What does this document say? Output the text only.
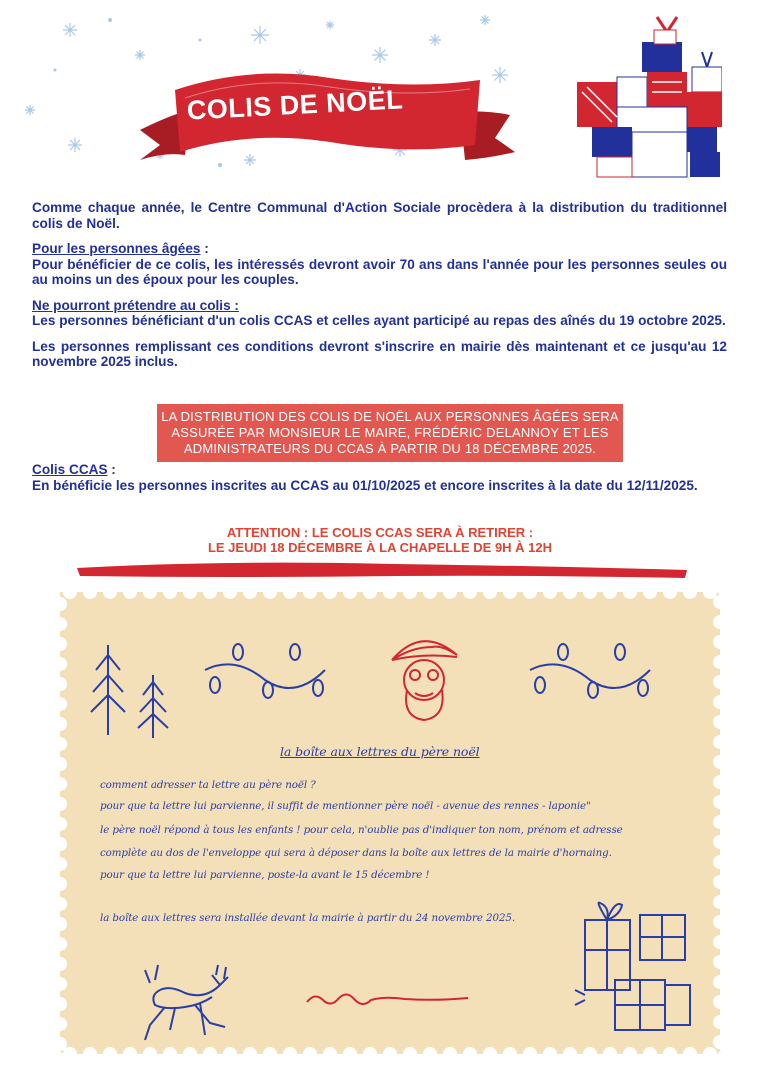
COLIS DE NOËL

Comme chaque année, le Centre Communal d'Action Sociale procèdera à la distribution du traditionnel colis de Noël.

Pour les personnes âgées :
Pour bénéficier de ce colis, les intéressés devront avoir 70 ans dans l'année pour les personnes seules ou au moins un des époux pour les couples.

Ne pourront prétendre au colis :
Les personnes bénéficiant d'un colis CCAS et celles ayant participé au repas des aînés du 19 octobre 2025.

Les personnes remplissant ces conditions devront s'inscrire en mairie dès maintenant et ce jusqu'au 12 novembre 2025 inclus.

LA DISTRIBUTION DES COLIS DE NOËL AUX PERSONNES ÂGÉES SERA
ASSURÉE PAR MONSIEUR LE MAIRE, FRÉDÉRIC DELANNOY ET LES
ADMINISTRATEURS DU CCAS À PARTIR DU 18 DÉCEMBRE 2025.
Colis CCAS :
En bénéficie les personnes inscrites au CCAS au 01/10/2025 et encore inscrites à la date du 12/11/2025.
ATTENTION : LE COLIS CCAS SERA À RETIRER :
LE JEUDI 18 DÉCEMBRE À LA CHAPELLE DE 9H À 12H
la boîte aux lettres du père noël
comment adresser ta lettre au père noël ?
pour que ta lettre lui parvienne, il suffit de mentionner père noël - avenue des rennes - laponie"
le père noël répond à tous les enfants ! pour cela, n'oublie pas d'indiquer ton nom, prénom et adresse
complète au dos de l'enveloppe qui sera à déposer dans la boîte aux lettres de la mairie d'hornaing.
pour que ta lettre lui parvienne, poste-la avant le 15 décembre !
la boîte aux lettres sera installée devant la mairie à partir du 24 novembre 2025.
